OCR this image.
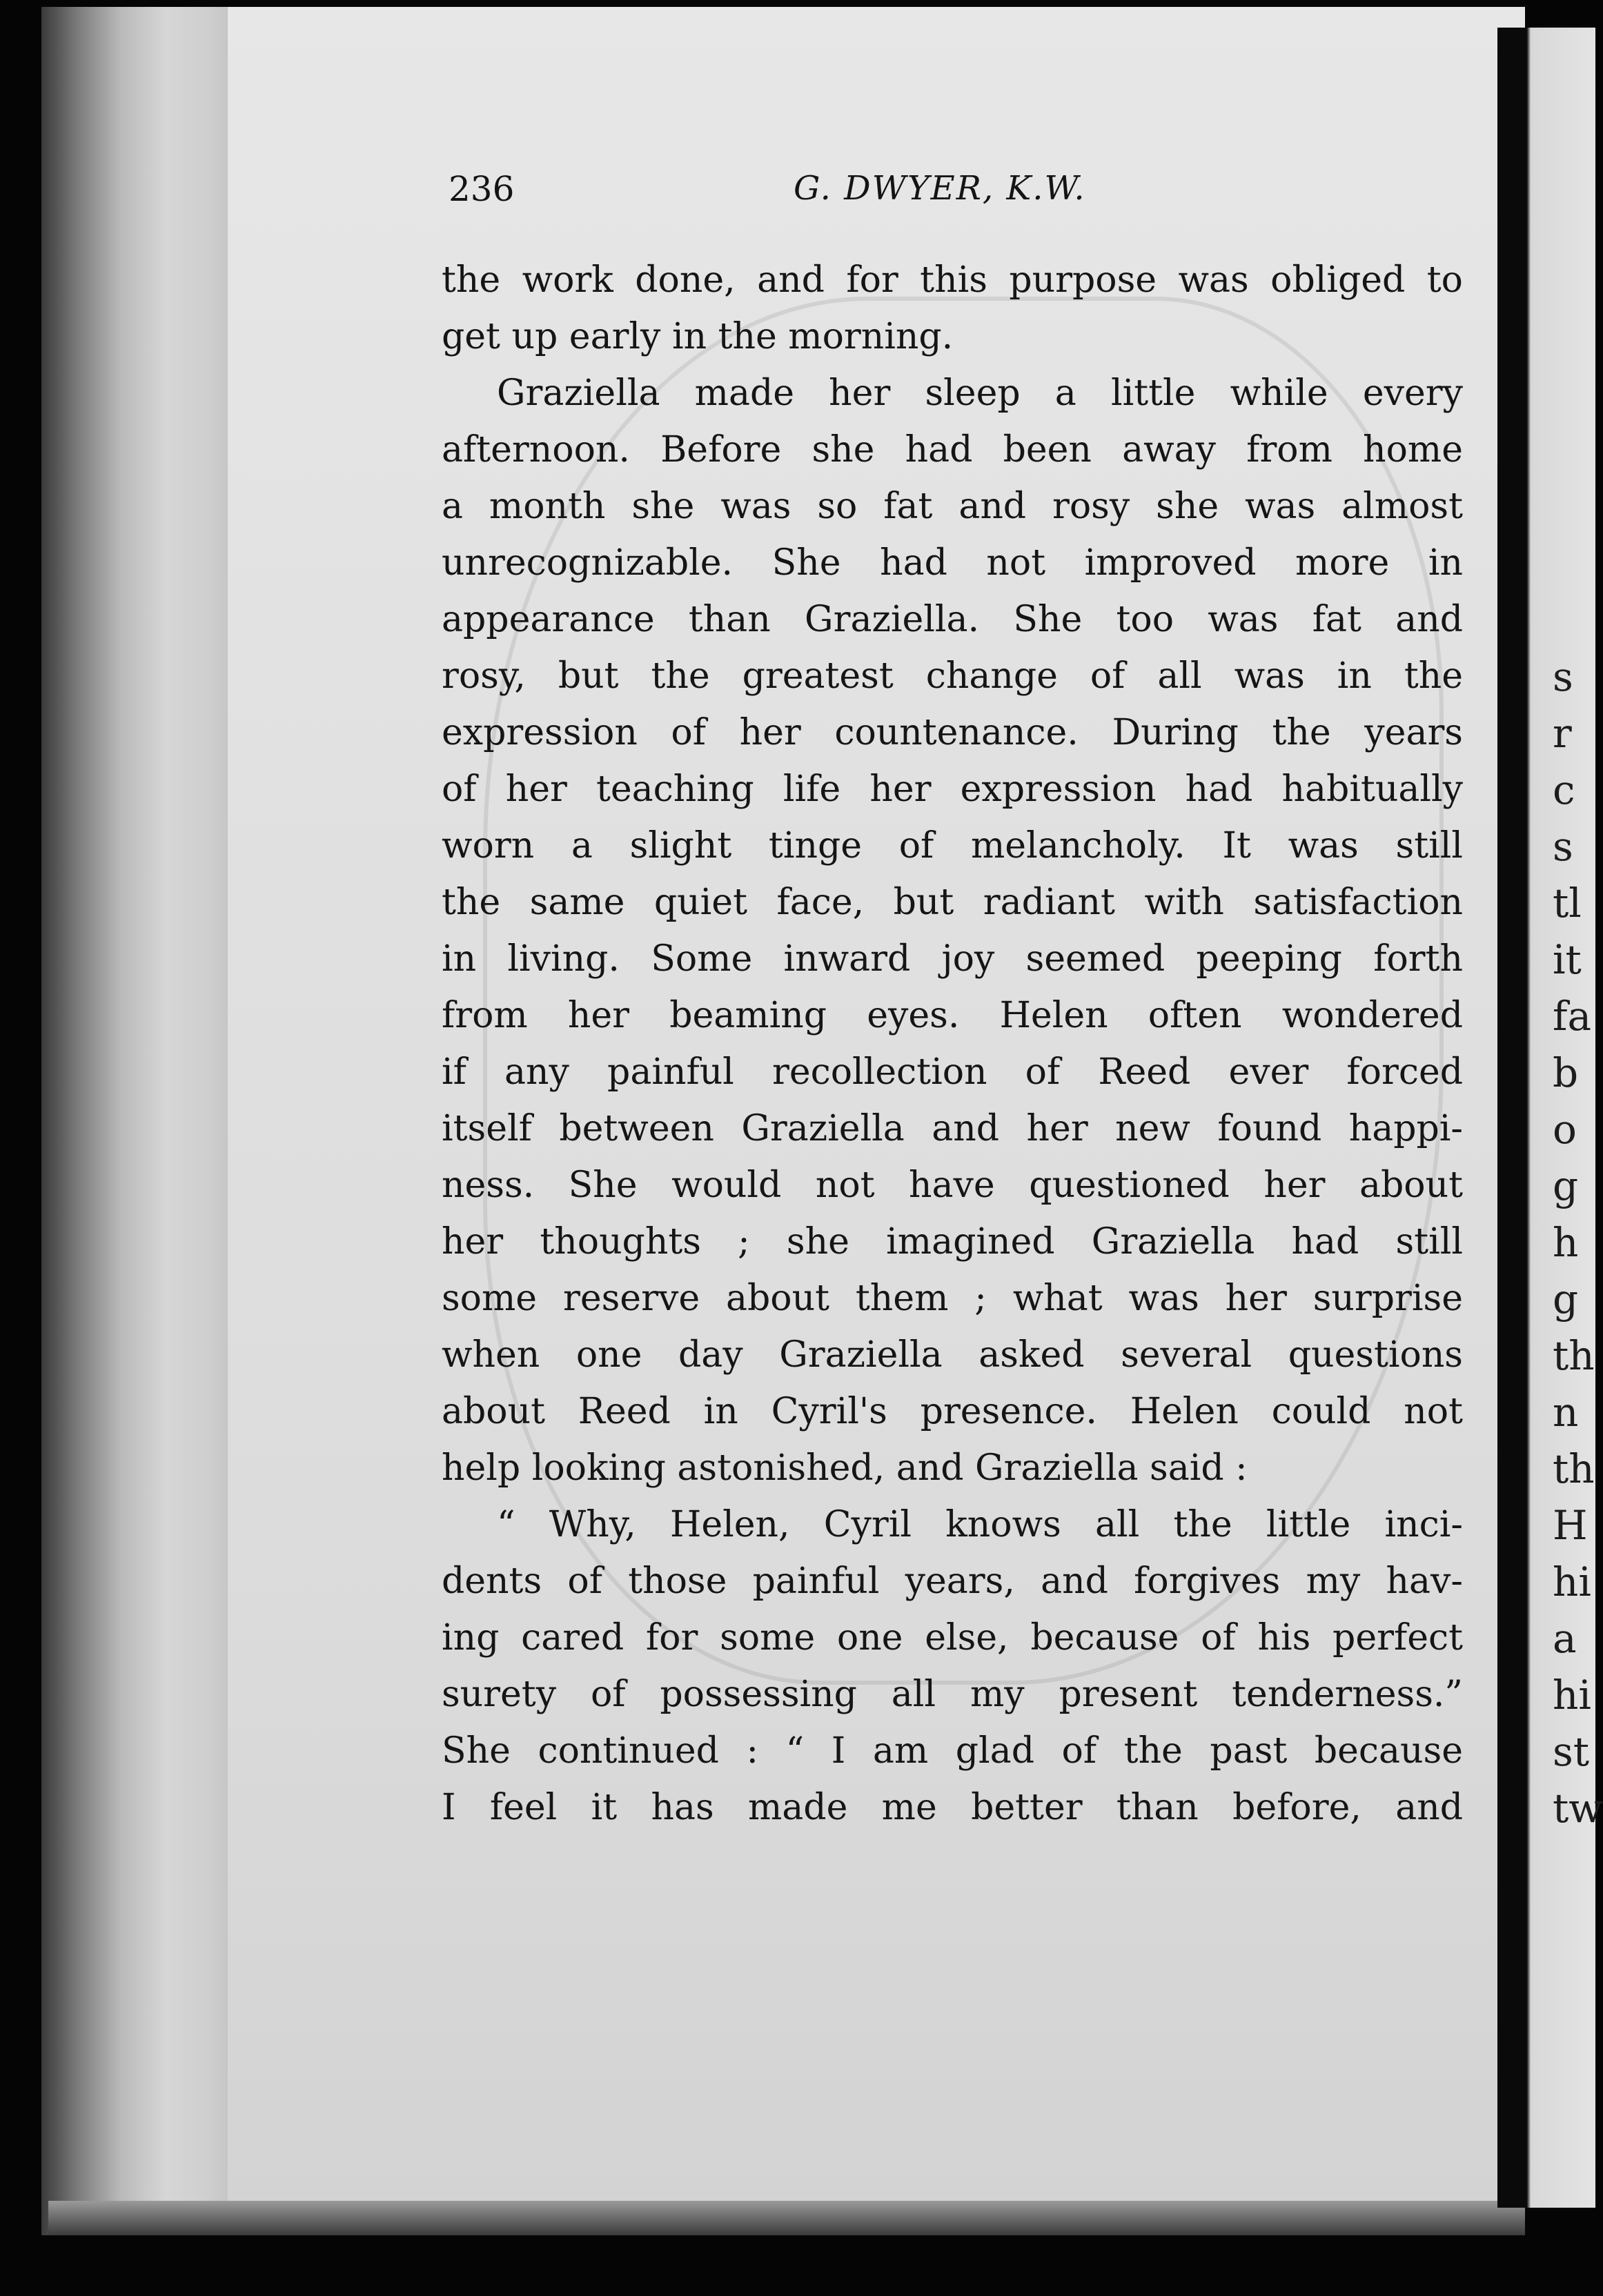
s
r
c
s
tl
it
fa
b
o
g
h
g
th
n
th
H
hi
a
hi
st
tw
236	G. DWYER, K.W.
the work done, and for this purpose was obliged to
get up early in the morning.
Graziella made her sleep a little while every
afternoon. Before she had been away from home
a month she was so fat and rosy she was almost
unrecognizable. She had not improved more in
appearance than Graziella. She too was fat and
rosy, but the greatest change of all was in the
expression of her countenance. During the years
of her teaching life her expression had habitually
worn a slight tinge of melancholy. It was still
the same quiet face, but radiant with satisfaction
in living. Some inward joy seemed peeping forth
from her beaming eyes. Helen often wondered
if any painful recollection of Reed ever forced
itself between Graziella and her new found happi-
ness. She would not have questioned her about
her thoughts ; she imagined Graziella had still
some reserve about them ; what was her surprise
when one day Graziella asked several questions
about Reed in Cyril's presence. Helen could not
help looking astonished, and Graziella said :
“ Why, Helen, Cyril knows all the little inci-
dents of those painful years, and forgives my hav-
ing cared for some one else, because of his perfect
surety of possessing all my present tenderness.”
She continued : “ I am glad of the past because
I feel it has made me better than before, and
